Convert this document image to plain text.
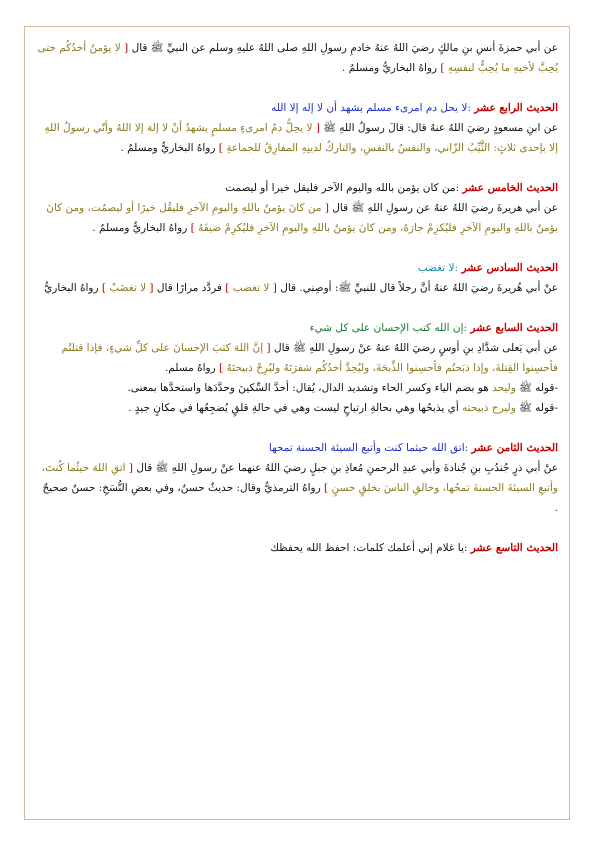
عن أبي حمزةَ أنسِ بنِ مالكٍ رضيَ اللهُ عنهُ خادمِ رسولِ اللهِ صلى اللهُ عليهِ وسلم عن النبيِّ ﷺ قال [ لا يؤمنُ أحدُكُم حتى يُحِبَّ لأخيهِ ما يُحِبُّ لنفسِهِ ] رواهُ البخاريُّ ومسلمٌ .

الحديث الرابع عشر :لا يحل دم امرىء مسلم يشهد أن لا إله إلا الله

عن ابنِ مسعودٍ رضيَ اللهُ عنهُ قال: قالَ رسولُ اللهِ ﷺ [ لا يحِلُّ دمُ امرىءٍ مسلمٍ يشهدُ أنْ لا إلهَ إلا اللهُ وأنّي رسولُ اللهِ إلا بإحدى ثلاثٍ: الثَّيِّبُ الزّاني، والنفسُ بالنفسِ، والتاركُ لدينِهِ المفارِقُ للجماعةِ ] رواهُ البخاريُّ ومسلمٌ .

الحديث الخامس عشر :من كان يؤمن بالله واليوم الآخر فليقل خيرا أو ليصمت

عن أبي هريرةَ رضيَ اللهُ عنهُ عن رسولِ اللهِ ﷺ قال [ من كانَ يؤمنُ باللهِ واليومِ الآخرِ فليقُل خيرًا أو ليصمُت، ومن كانَ يؤمنُ باللهِ واليومِ الآخرِ فليُكرِمْ جارَهُ، ومن كانَ يؤمنُ باللهِ واليومِ الآخرِ فليُكرِمْ ضيفَهُ ] رواهُ البخاريُّ ومسلمٌ .

الحديث السادس عشر :لا تغضب

عنْ أبي هُريرةَ رضيَ اللهُ عنهُ أنَّ رجلاً قال للنبيِّ ﷺ: أوصِني. قال [ لا تغضب ] فردَّد مرارًا قال [ لا تغضَبْ ] رواهُ البخاريُّ

الحديث السابع عشر :إن الله كتب الإحسان على كل شيء

عن أبي يَعلى شدَّادِ بنِ أوسٍ رضيَ اللهُ عنهُ عنْ رسولِ اللهِ ﷺ قال [ إنَّ اللهَ كتبَ الإحسانَ على كلِّ شيءٍ، فإذا قتلتُم فأحسِنوا القِتلةَ، وإذا ذبَحتُم فأحسِنوا الذِّبحَةَ، وليُحِدَّ أحدُكُم شفرَتَهُ وليُرِحْ ذبيحتَهُ ] رواهُ مسلم.

-قوله ﷺ وليحد هو بضم الياء وكسر الحاء وتشديد الدال، يُقال: أحدَّ السِّكينَ وحدَّدَها واستحدَّها بمعنى.

-قوله ﷺ وليرح ذبيحته أي يذبحُها وهي بحالةِ ارتياحٍ ليست وهي في حالةِ قلقٍ يُضجِعُها في مكانٍ جيدٍ .

الحديث الثامن عشر :اتق الله حيثما كنت وأتبع السيئة الحسنة تمحها

عنْ أبي ذرٍ جُندُبِ بنِ جُنادةَ وأبي عبدِ الرحمنِ مُعاذِ بنِ جبلٍ رضيَ اللهُ عنهما عنْ رسولِ اللهِ ﷺ قال [ اتقِ اللهَ حيثُما كُنتَ، وأتبعِ السيئةَ الحسنةَ تمحُها، وخالقِ الناسَ بخلقٍ حسنٍ ] رواهُ الترمذيُّ وقال: حديثٌ حسنٌ، وفي بعضِ النُّسَخِ: حسنٌ صحيحٌ .

الحديث التاسع عشر :يا غلام إني أعلمك كلمات: احفظ الله يحفظك
